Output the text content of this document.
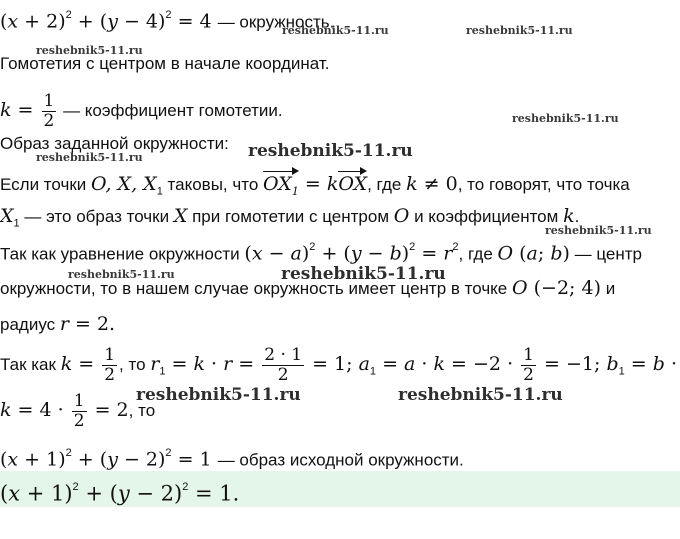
$(x + 2)^2 + (y - 4)^2 = 4$ — окружность.
Гомотетия с центром в начале координат.
$k = \frac{1}{2}$ — коэффициент гомотетии.
Образ заданной окружности:
Если точки O, X, $X_1$ таковы, что $OX_1$ = kOX, где k ≠ 0, то говорят, что точка
$X_1$ — это образ точки X при гомотетии с центром O и коэффициентом k.
Так как уравнение окружности $(x - a)^2 + (y - b)^2 = r^2$, где O (a; b) — центр
окружности, то в нашем случае окружность имеет центр в точке O (−2; 4) и
радиус r = 2.
Так как $k = \frac{1}{2}$ , то $r_1 = k \cdot r = \frac{2 \cdot 1}{2} = 1$; $a_1 = a \cdot k = -2 \cdot \frac{1}{2} = -1$; $b_1 = b$ ·
$k = 4 \cdot \frac{1}{2} = 2$, то
$(x + 1)^2 + (y - 2)^2 = 1$ — образ исходной окружности.
$(x + 1)^2 + (y - 2)^2 = 1$.
reshebnik5-11.ru	reshebnik5-11.ru
reshebnik5-11.ru
reshebnik5-11.ru
reshebnik5-11.ru
reshebnik5-11.ru
reshebnik5-11.ru
reshebnik5-11.ru	reshebnik5-11.ru
reshebnik5-11.ru	reshebnik5-11.ru
